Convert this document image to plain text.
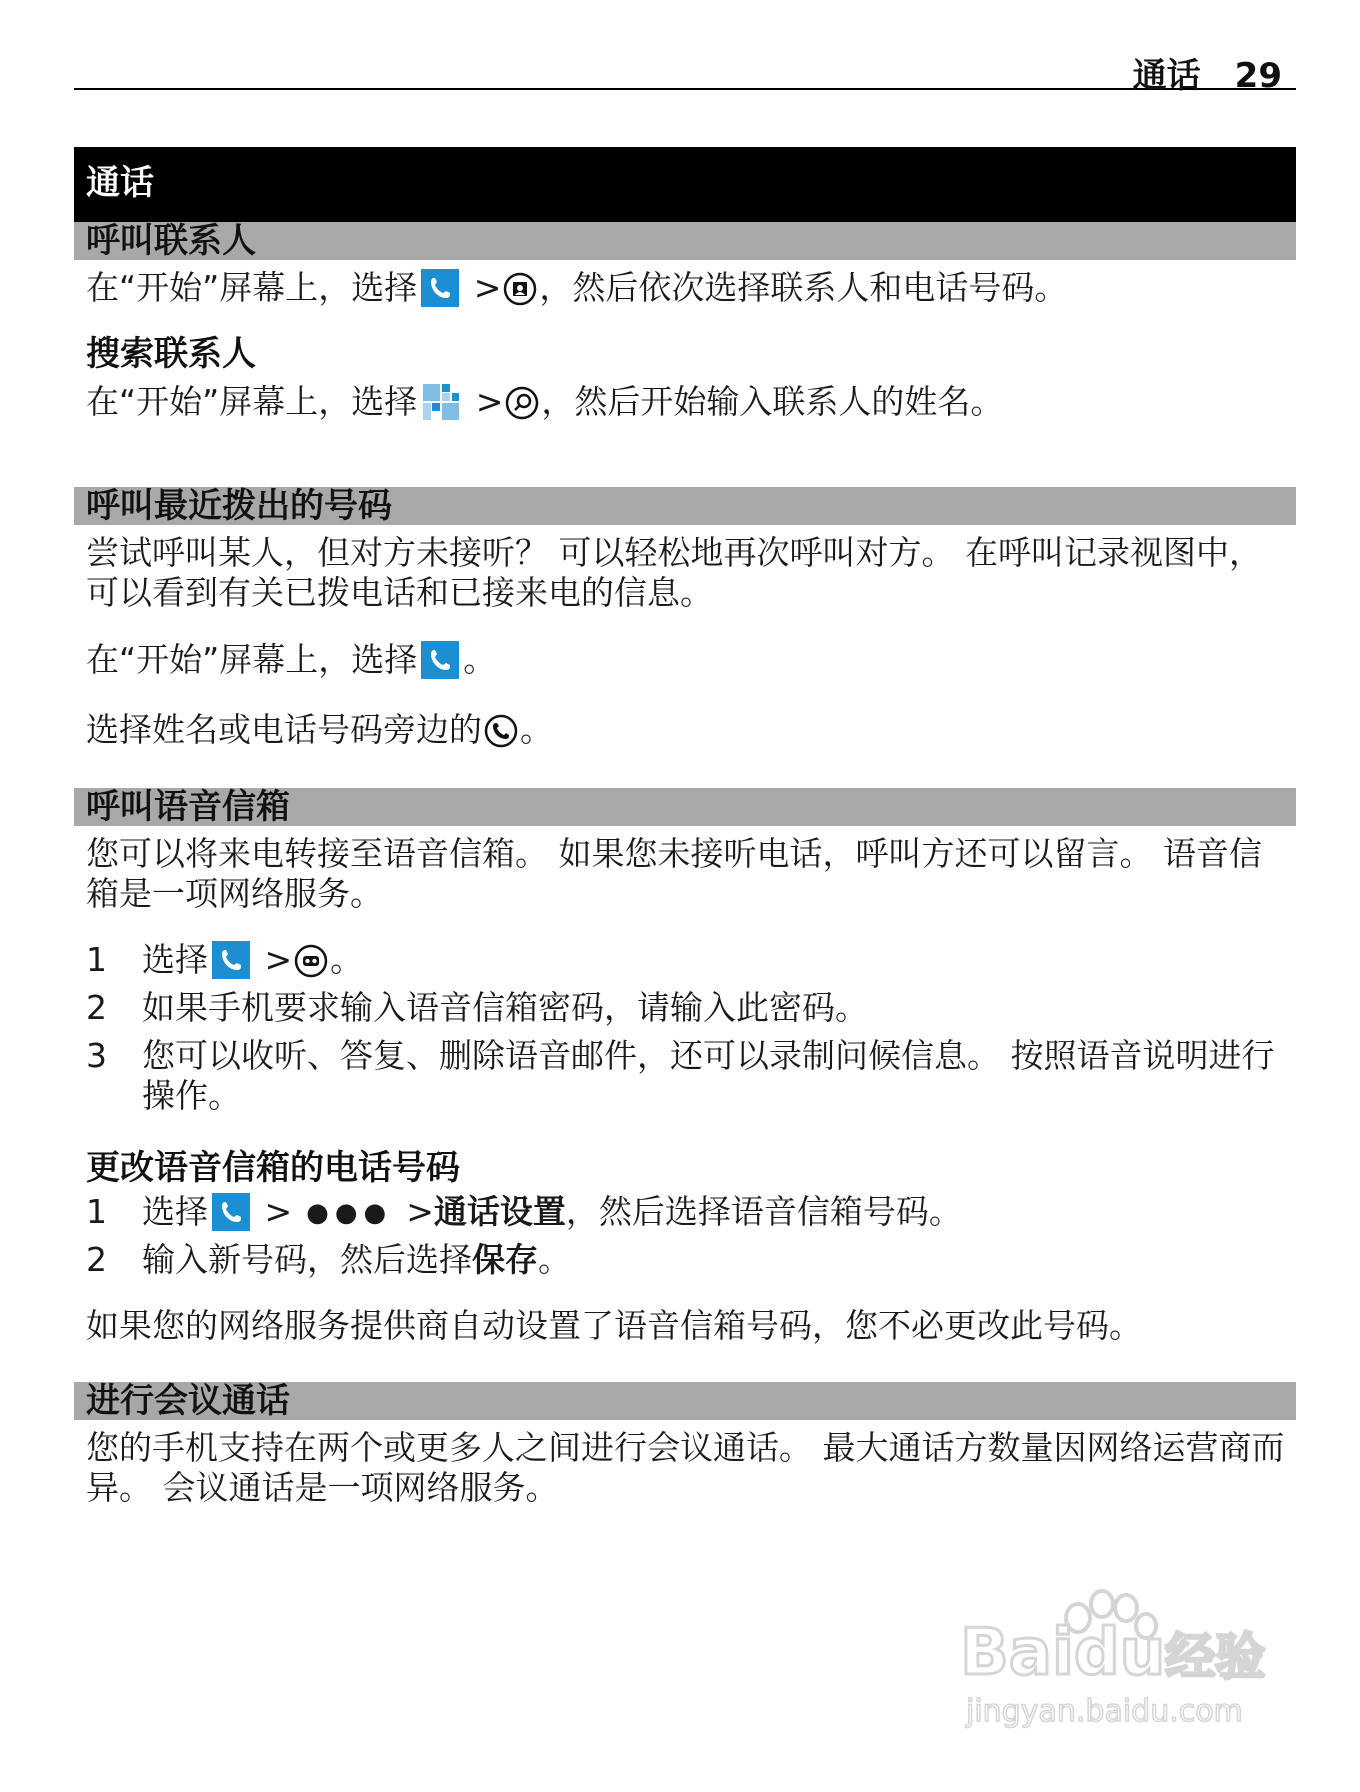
通话 29
通话
呼叫联系人
在“开始”屏幕上，选择 > ，然后依次选择联系人和电话号码。
搜索联系人
在“开始”屏幕上，选择 > ，然后开始输入联系人的姓名。
呼叫最近拨出的号码
尝试呼叫某人，但对方未接听？ 可以轻松地再次呼叫对方。 在呼叫记录视图中，可以看到有关已拨电话和已接来电的信息。
在“开始”屏幕上，选择 。
选择姓名或电话号码旁边的 。
呼叫语音信箱
您可以将来电转接至语音信箱。 如果您未接听电话，呼叫方还可以留言。 语音信箱是一项网络服务。
1	选择 > 。
2	如果手机要求输入语音信箱密码，请输入此密码。
3	您可以收听、答复、删除语音邮件，还可以录制问候信息。 按照语音说明进行操作。
更改语音信箱的电话号码
1	选择 > ●●● >通话设置，然后选择语音信箱号码。
2	输入新号码，然后选择保存。
如果您的网络服务提供商自动设置了语音信箱号码，您不必更改此号码。
进行会议通话
您的手机支持在两个或更多人之间进行会议通话。 最大通话方数量因网络运营商而异。 会议通话是一项网络服务。
Baidu经验
jingyan.baidu.com
